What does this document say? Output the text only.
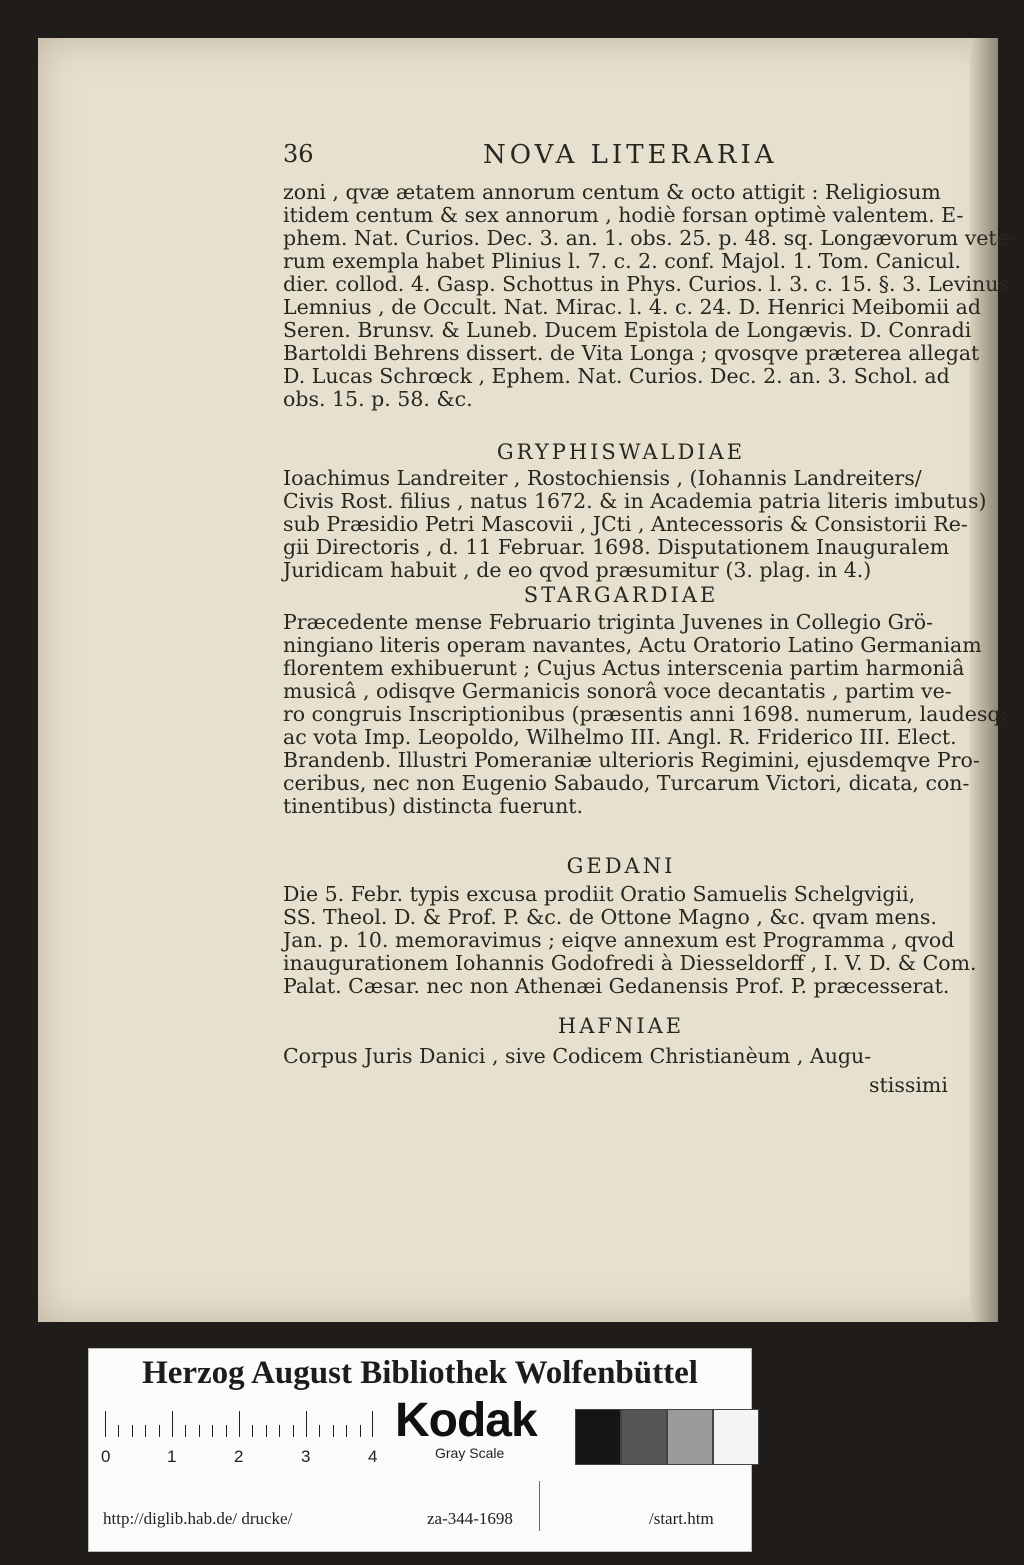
36	NOVA LITERARIA
zoni , qvæ ætatem annorum centum & octo attigit : Religiosum
itidem centum & sex annorum , hodiè forsan optimè valentem. E-
phem. Nat. Curios. Dec. 3. an. 1. obs. 25. p. 48. sq. Longævorum vete-
rum exempla habet Plinius l. 7. c. 2. conf. Majol. 1. Tom. Canicul.
dier. collod. 4. Gasp. Schottus in Phys. Curios. l. 3. c. 15. §. 3. Levinus
Lemnius , de Occult. Nat. Mirac. l. 4. c. 24. D. Henrici Meibomii ad
Seren. Brunsv. & Luneb. Ducem Epistola de Longævis. D. Conradi
Bartoldi Behrens dissert. de Vita Longa ; qvosqve præterea allegat
D. Lucas Schrœck , Ephem. Nat. Curios. Dec. 2. an. 3. Schol. ad
obs. 15. p. 58. &c.
GRYPHISWALDIAE
Ioachimus Landreiter , Rostochiensis , (Iohannis Landreiters/
Civis Rost. filius , natus 1672. & in Academia patria literis imbutus)
sub Præsidio Petri Mascovii , JCti , Antecessoris & Consistorii Re-
gii Directoris , d. 11 Februar. 1698. Disputationem Inauguralem
Juridicam habuit , de eo qvod præsumitur (3. plag. in 4.)
STARGARDIAE
Præcedente mense Februario triginta Juvenes in Collegio Grö-
ningiano literis operam navantes, Actu Oratorio Latino Germaniam
florentem exhibuerunt ; Cujus Actus interscenia partim harmoniâ
musicâ , odisqve Germanicis sonorâ voce decantatis , partim ve-
ro congruis Inscriptionibus (præsentis anni 1698. numerum, laudesq;
ac vota Imp. Leopoldo, Wilhelmo III. Angl. R. Friderico III. Elect.
Brandenb. Illustri Pomeraniæ ulterioris Regimini, ejusdemqve Pro-
ceribus, nec non Eugenio Sabaudo, Turcarum Victori, dicata, con-
tinentibus) distincta fuerunt.
GEDANI
Die 5. Febr. typis excusa prodiit Oratio Samuelis Schelgvigii,
SS. Theol. D. & Prof. P. &c. de Ottone Magno , &c. qvam mens.
Jan. p. 10. memoravimus ; eiqve annexum est Programma , qvod
inaugurationem Iohannis Godofredi à Diesseldorff , I. V. D. & Com.
Palat. Cæsar. nec non Athenæi Gedanensis Prof. P. præcesserat.
HAFNIAE
Corpus Juris Danici , sive Codicem Christianèum , Augu-
stissimi
Herzog August Bibliothek Wolfenbüttel
0	1	2	3	4
Kodak
Gray Scale
http://diglib.hab.de/ drucke/	za-344-1698	/start.htm
